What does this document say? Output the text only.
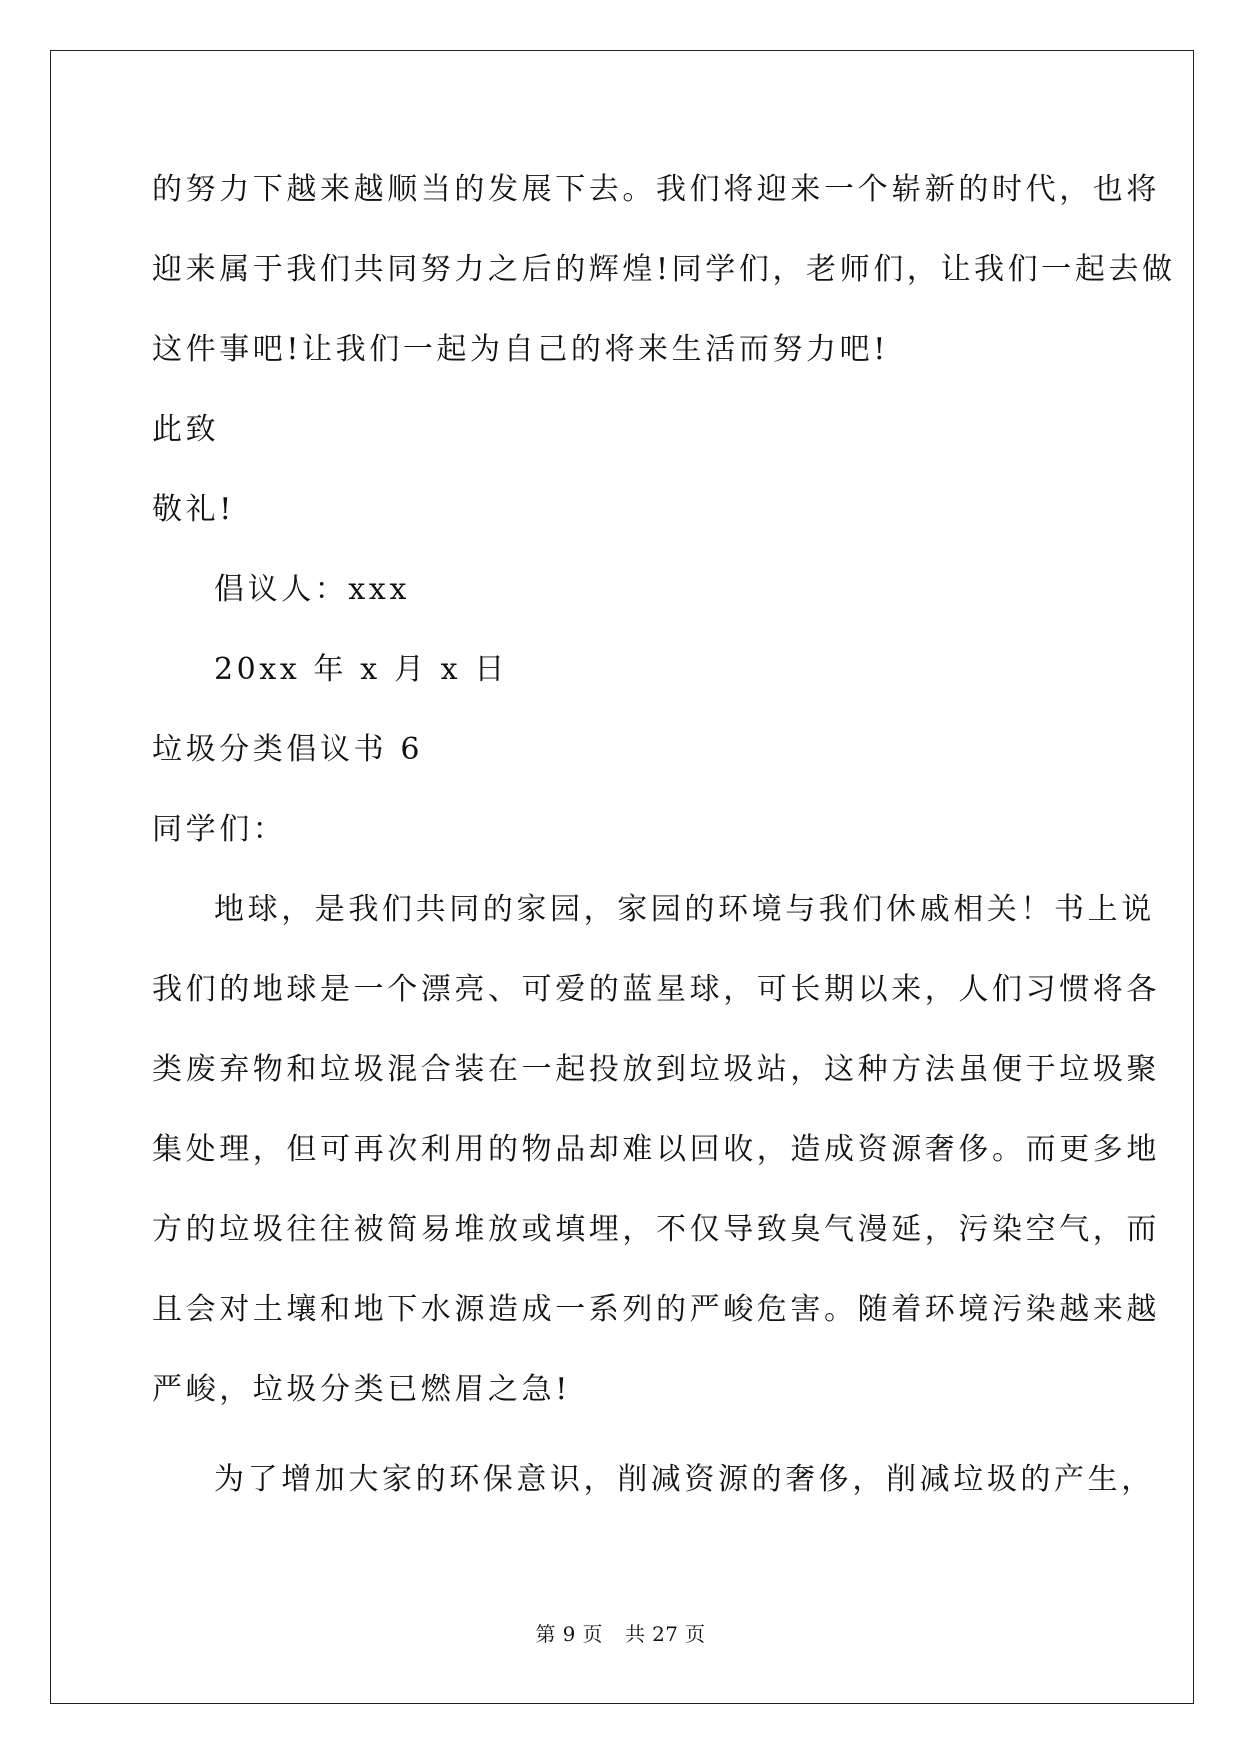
的努力下越来越顺当的发展下去。我们将迎来一个崭新的时代，也将
迎来属于我们共同努力之后的辉煌!同学们，老师们，让我们一起去做
这件事吧!让我们一起为自己的将来生活而努力吧!
此致
敬礼!
倡议人：xxx
20xx 年 x 月 x 日
垃圾分类倡议书 6
同学们：
地球，是我们共同的家园，家园的环境与我们休戚相关！书上说
我们的地球是一个漂亮、可爱的蓝星球，可长期以来，人们习惯将各
类废弃物和垃圾混合装在一起投放到垃圾站，这种方法虽便于垃圾聚
集处理，但可再次利用的物品却难以回收，造成资源奢侈。而更多地
方的垃圾往往被简易堆放或填埋，不仅导致臭气漫延，污染空气，而
且会对土壤和地下水源造成一系列的严峻危害。随着环境污染越来越
严峻，垃圾分类已燃眉之急!
为了增加大家的环保意识，削减资源的奢侈，削减垃圾的产生，
第 9 页 共 27 页
